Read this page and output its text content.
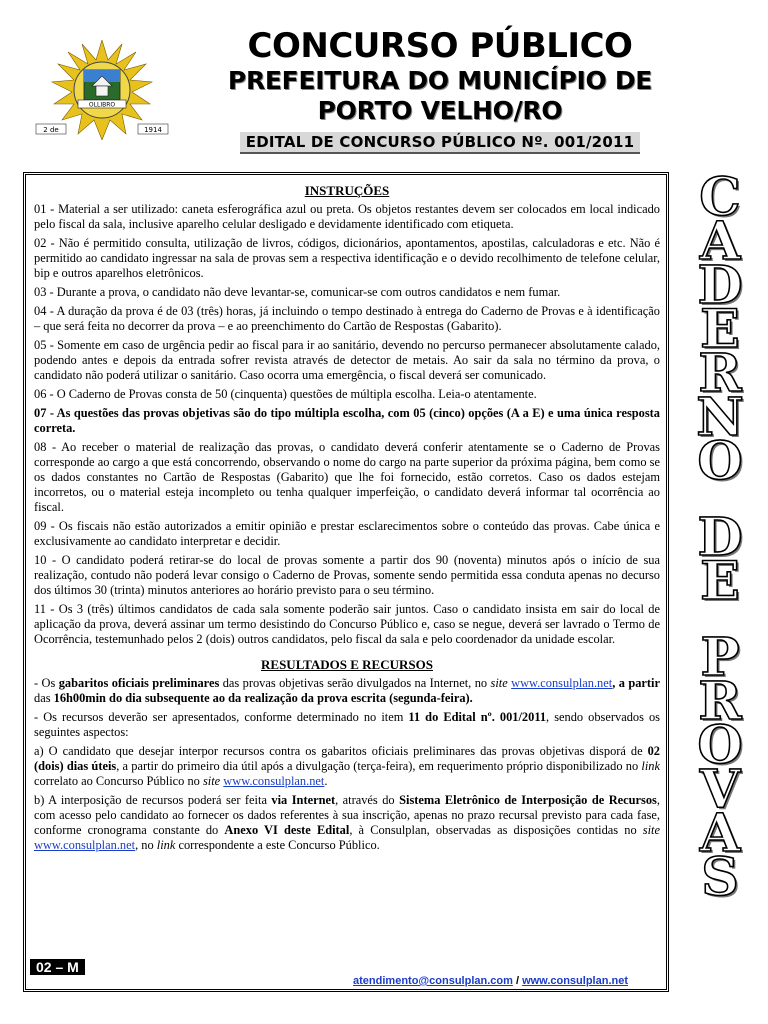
OLLIBRO
2 de	1914
CONCURSO PÚBLICO
PREFEITURA DO MUNICÍPIO DE
PORTO VELHO/RO
EDITAL DE CONCURSO PÚBLICO Nº. 001/2011
INSTRUÇÕES
01 - Material a ser utilizado: caneta esferográfica azul ou preta. Os objetos restantes devem ser colocados em local indicado pelo fiscal da sala, inclusive aparelho celular desligado e devidamente identificado com etiqueta.
02 - Não é permitido consulta, utilização de livros, códigos, dicionários, apontamentos, apostilas, calculadoras e etc. Não é permitido ao candidato ingressar na sala de provas sem a respectiva identificação e o devido recolhimento de telefone celular, bip e outros aparelhos eletrônicos.
03 - Durante a prova, o candidato não deve levantar-se, comunicar-se com outros candidatos e nem fumar.
04 - A duração da prova é de 03 (três) horas, já incluindo o tempo destinado à entrega do Caderno de Provas e à identificação – que será feita no decorrer da prova – e ao preenchimento do Cartão de Respostas (Gabarito).
05 - Somente em caso de urgência pedir ao fiscal para ir ao sanitário, devendo no percurso permanecer absolutamente calado, podendo antes e depois da entrada sofrer revista através de detector de metais. Ao sair da sala no término da prova, o candidato não poderá utilizar o sanitário. Caso ocorra uma emergência, o fiscal deverá ser comunicado.
06 - O Caderno de Provas consta de 50 (cinquenta) questões de múltipla escolha. Leia-o atentamente.
07 - As questões das provas objetivas são do tipo múltipla escolha, com 05 (cinco) opções (A a E) e uma única resposta correta.
08 - Ao receber o material de realização das provas, o candidato deverá conferir atentamente se o Caderno de Provas corresponde ao cargo a que está concorrendo, observando o nome do cargo na parte superior da próxima página, bem como se os dados constantes no Cartão de Respostas (Gabarito) que lhe foi fornecido, estão corretos. Caso os dados estejam incorretos, ou o material esteja incompleto ou tenha qualquer imperfeição, o candidato deverá informar tal ocorrência ao fiscal.
09 - Os fiscais não estão autorizados a emitir opinião e prestar esclarecimentos sobre o conteúdo das provas. Cabe única e exclusivamente ao candidato interpretar e decidir.
10 - O candidato poderá retirar-se do local de provas somente a partir dos 90 (noventa) minutos após o início de sua realização, contudo não poderá levar consigo o Caderno de Provas, somente sendo permitida essa conduta apenas no decurso dos últimos 30 (trinta) minutos anteriores ao horário previsto para o seu término.
11 - Os 3 (três) últimos candidatos de cada sala somente poderão sair juntos. Caso o candidato insista em sair do local de aplicação da prova, deverá assinar um termo desistindo do Concurso Público e, caso se negue, deverá ser lavrado o Termo de Ocorrência, testemunhado pelos 2 (dois) outros candidatos, pelo fiscal da sala e pelo coordenador da unidade escolar.
RESULTADOS E RECURSOS
- Os gabaritos oficiais preliminares das provas objetivas serão divulgados na Internet, no site www.consulplan.net, a partir das 16h00min do dia subsequente ao da realização da prova escrita (segunda-feira).
- Os recursos deverão ser apresentados, conforme determinado no item 11 do Edital nº. 001/2011, sendo observados os seguintes aspectos:
a) O candidato que desejar interpor recursos contra os gabaritos oficiais preliminares das provas objetivas disporá de 02 (dois) dias úteis, a partir do primeiro dia útil após a divulgação (terça-feira), em requerimento próprio disponibilizado no link correlato ao Concurso Público no site www.consulplan.net.
b) A interposição de recursos poderá ser feita via Internet, através do Sistema Eletrônico de Interposição de Recursos, com acesso pelo candidato ao fornecer os dados referentes à sua inscrição, apenas no prazo recursal previsto para cada fase, conforme cronograma constante do Anexo VI deste Edital, à Consulplan, observadas as disposições contidas no site www.consulplan.net, no link correspondente a este Concurso Público.
02 – M
atendimento@consulplan.com / www.consulplan.net
C
A
D
E
R
N
O
D
E
P
R
O
V
A
S
